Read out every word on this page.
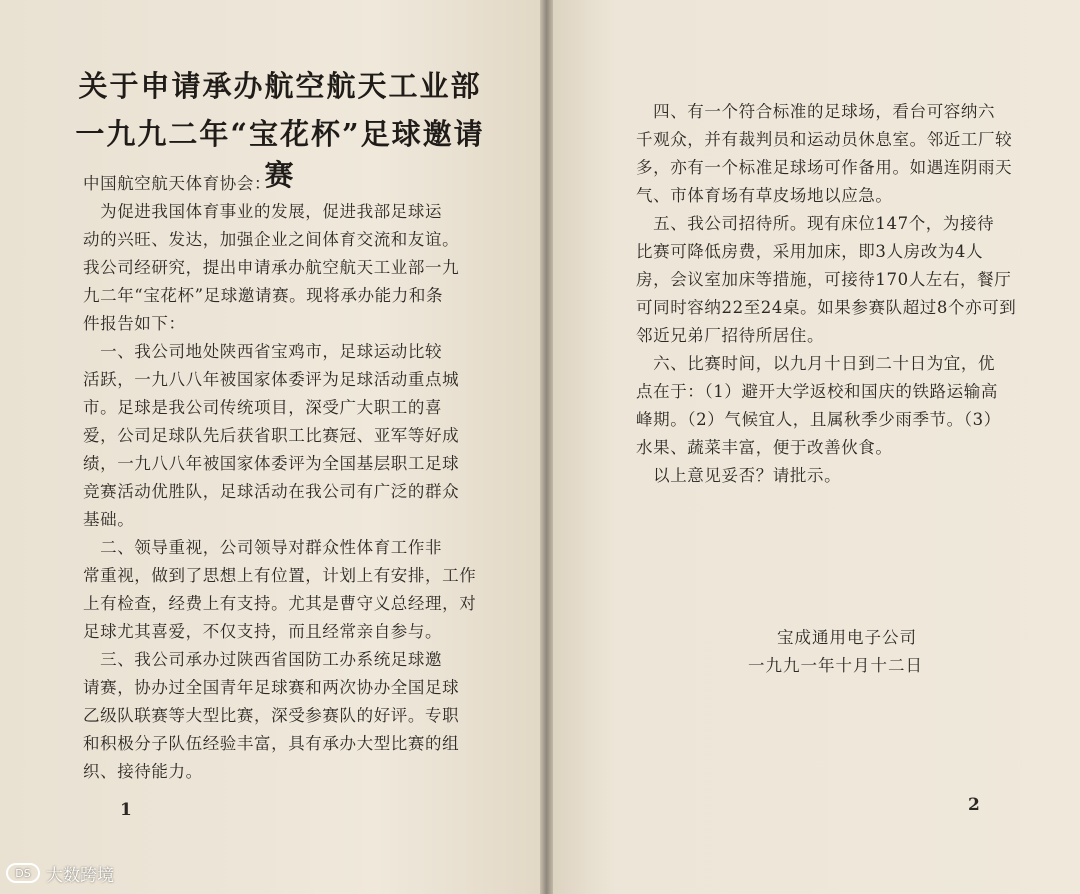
关于申请承办航空航天工业部
一九九二年“宝花杯”足球邀请赛
中国航空航天体育协会：
　为促进我国体育事业的发展，促进我部足球运
动的兴旺、发达，加强企业之间体育交流和友谊。
我公司经研究，提出申请承办航空航天工业部一九
九二年“宝花杯”足球邀请赛。现将承办能力和条
件报告如下：
　一、我公司地处陕西省宝鸡市，足球运动比较
活跃，一九八八年被国家体委评为足球活动重点城
市。足球是我公司传统项目，深受广大职工的喜
爱，公司足球队先后获省职工比赛冠、亚军等好成
绩，一九八八年被国家体委评为全国基层职工足球
竞赛活动优胜队，足球活动在我公司有广泛的群众
基础。
　二、领导重视，公司领导对群众性体育工作非
常重视，做到了思想上有位置，计划上有安排，工作
上有检查，经费上有支持。尤其是曹守义总经理，对
足球尤其喜爱，不仅支持，而且经常亲自参与。
　三、我公司承办过陕西省国防工办系统足球邀
请赛，协办过全国青年足球赛和两次协办全国足球
乙级队联赛等大型比赛，深受参赛队的好评。专职
和积极分子队伍经验丰富，具有承办大型比赛的组
织、接待能力。
1
　四、有一个符合标准的足球场，看台可容纳六
千观众，并有裁判员和运动员休息室。邻近工厂较
多，亦有一个标准足球场可作备用。如遇连阴雨天
气、市体育场有草皮场地以应急。
　五、我公司招待所。现有床位147个，为接待
比赛可降低房费，采用加床，即3人房改为4人
房，会议室加床等措施，可接待170人左右，餐厅
可同时容纳22至24桌。如果参赛队超过8个亦可到
邻近兄弟厂招待所居住。
　六、比赛时间，以九月十日到二十日为宜，优
点在于：（1）避开大学返校和国庆的铁路运输高
峰期。（2）气候宜人，且属秋季少雨季节。（3）
水果、蔬菜丰富，便于改善伙食。
　以上意见妥否？请批示。
宝成通用电子公司
一九九一年十月十二日
2
DS 大数跨境
